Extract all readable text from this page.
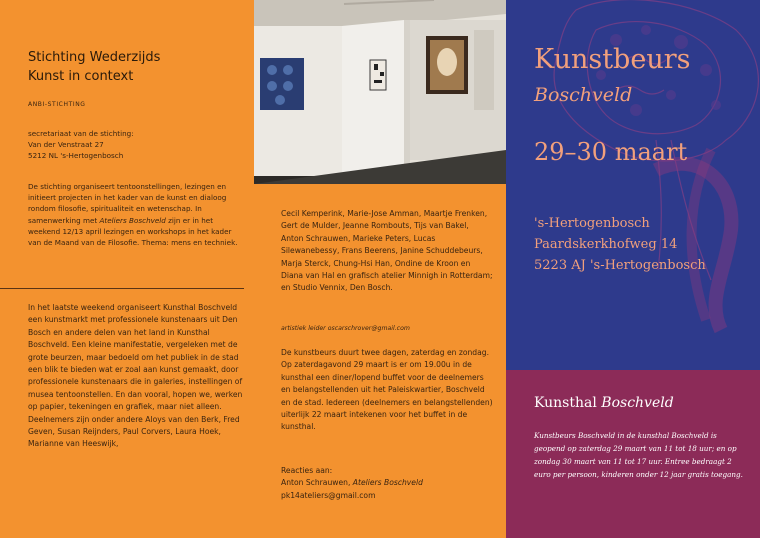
Stichting Wederzijds
Kunst in context
ANBI-STICHTING
secretariaat van de stichting:
Van der Venstraat 27
5212 NL 's-Hertogenbosch

De stichting organiseert tentoonstellingen, lezingen en initieert projecten in het kader van de kunst en dialoog rondom filosofie, spiritualiteit en wetenschap. In samenwerking met Ateliers Boschveld zijn er in het weekend 12/13 april lezingen en workshops in het kader van de Maand van de Filosofie. Thema: mens en techniek.

In het laatste weekend organiseert Kunsthal Boschveld een kunstmarkt met professionele kunstenaars uit Den Bosch en andere delen van het land in Kunsthal Boschveld. Een kleine manifestatie, vergeleken met de grote beurzen, maar bedoeld om het publiek in de stad een blik te bieden wat er zoal aan kunst gemaakt, door professionele kunstenaars die in galeries, instellingen of musea tentoonstellen. En dan vooral, hopen we, werken op papier, tekeningen en grafiek, maar niet alleen.

Deelnemers zijn onder andere Aloys van den Berk, Fred Geven, Susan Reijnders, Paul Corvers, Laura Hoek, Marianne van Heeswijk,

Cecil Kemperink, Marie-Jose Amman, Maartje Frenken, Gert de Mulder, Jeanne Rombouts, Tijs van Bakel, Anton Schrauwen, Marieke Peters, Lucas Silewanebessy, Frans Beerens, Janine Schuddebeurs, Marja Sterck, Chung-Hsi Han, Ondine de Kroon en Diana van Hal en grafisch atelier Minnigh in Rotterdam; en Studio Vennix, Den Bosch.

artistiek leider oscarschrover@gmail.com

De kunstbeurs duurt twee dagen, zaterdag en zondag. Op zaterdagavond 29 maart is er om 19.00u in de kunsthal een diner/lopend buffet voor de deelnemers en belangstellenden uit het Paleiskwartier, Boschveld en de stad. Iedereen (deelnemers en belangstellenden) uiterlijk 22 maart intekenen voor het buffet in de kunsthal.

Reacties aan:
Anton Schrauwen, Ateliers Boschveld
pk14ateliers@gmail.com
Kunstbeurs
Boschveld
29–30 maart
's-Hertogenbosch
Paardskerkhofweg 14
5223 AJ 's-Hertogenbosch
Kunsthal Boschveld

Kunstbeurs Boschveld in de kunsthal Boschveld is geopend op zaterdag 29 maart van 11 tot 18 uur; en op zondag 30 maart van 11 tot 17 uur. Entree bedraagt 2 euro per persoon, kinderen onder 12 jaar gratis toegang.
